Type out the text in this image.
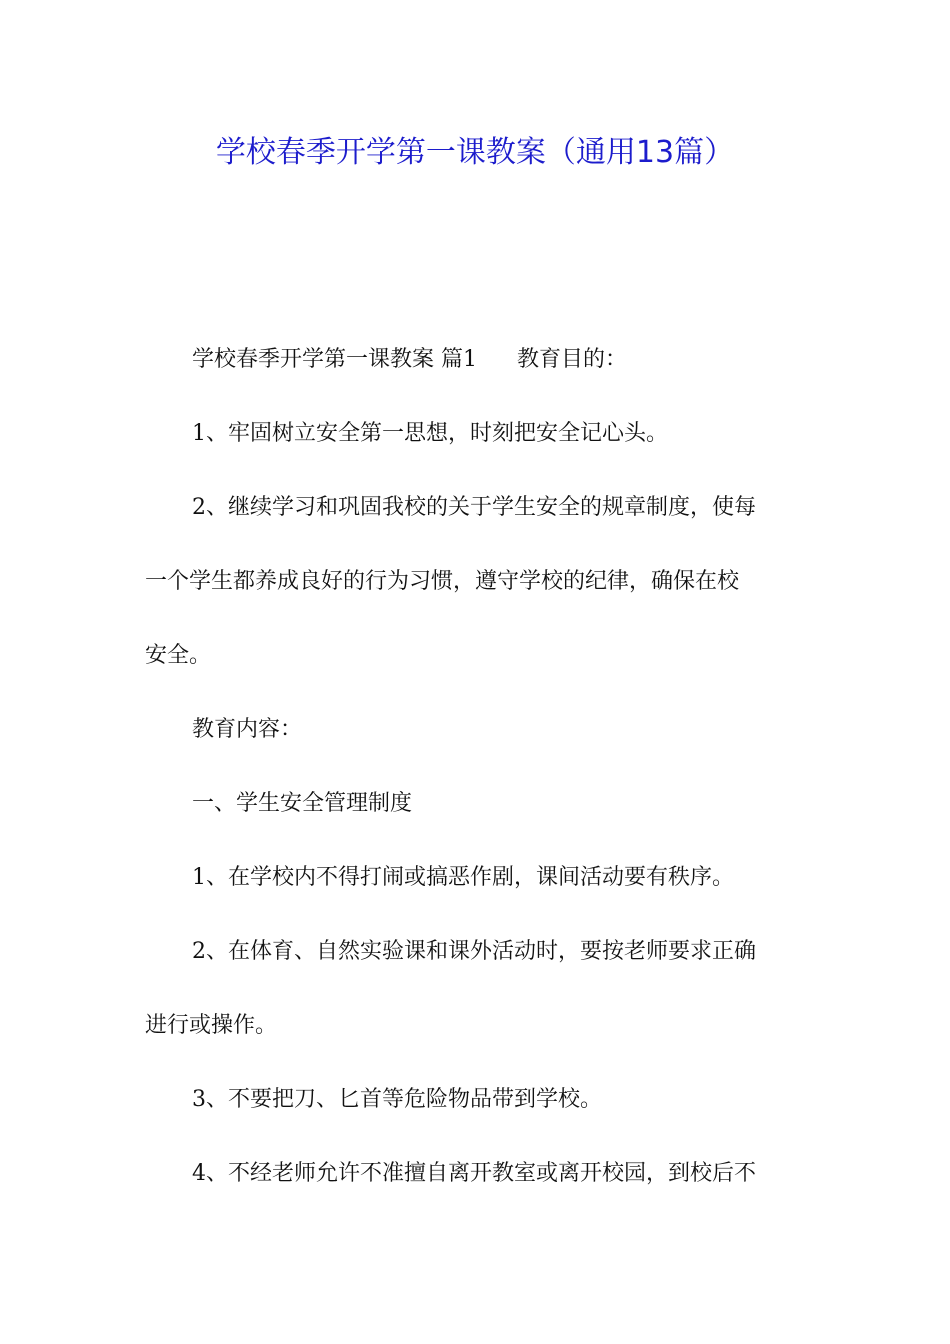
学校春季开学第一课教案（通用13篇）
学校春季开学第一课教案 篇1 教育目的：
1、牢固树立安全第一思想，时刻把安全记心头。
2、继续学习和巩固我校的关于学生安全的规章制度，使每
一个学生都养成良好的行为习惯，遵守学校的纪律，确保在校
安全。
教育内容：
一、学生安全管理制度
1、在学校内不得打闹或搞恶作剧，课间活动要有秩序。
2、在体育、自然实验课和课外活动时，要按老师要求正确
进行或操作。
3、不要把刀、匕首等危险物品带到学校。
4、不经老师允许不准擅自离开教室或离开校园，到校后不
